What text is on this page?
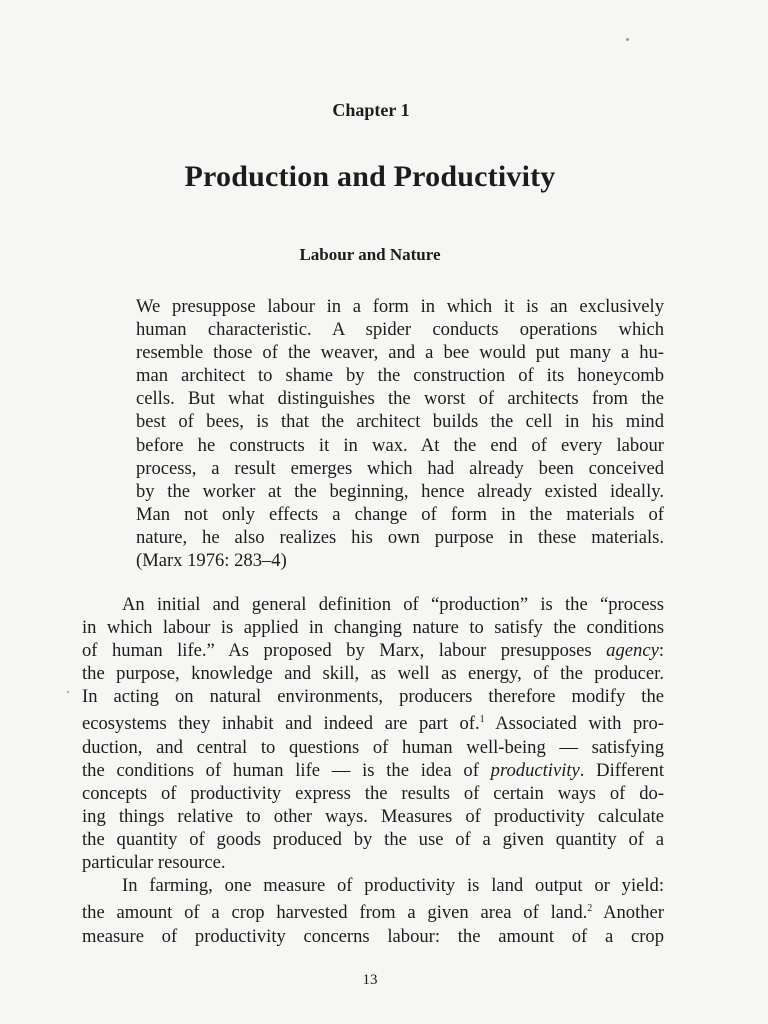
Chapter 1
Production and Productivity
Labour and Nature
We presuppose labour in a form in which it is an exclusively
human characteristic. A spider conducts operations which
resemble those of the weaver, and a bee would put many a hu-
man architect to shame by the construction of its honeycomb
cells. But what distinguishes the worst of architects from the
best of bees, is that the architect builds the cell in his mind
before he constructs it in wax. At the end of every labour
process, a result emerges which had already been conceived
by the worker at the beginning, hence already existed ideally.
Man not only effects a change of form in the materials of
nature, he also realizes his own purpose in these materials.
(Marx 1976: 283–4)
An initial and general definition of “production” is the “process
in which labour is applied in changing nature to satisfy the conditions
of human life.” As proposed by Marx, labour presupposes agency:
the purpose, knowledge and skill, as well as energy, of the producer.
In acting on natural environments, producers therefore modify the
ecosystems they inhabit and indeed are part of.$^1$ Associated with pro-
duction, and central to questions of human well-being — satisfying
the conditions of human life — is the idea of productivity. Different
concepts of productivity express the results of certain ways of do-
ing things relative to other ways. Measures of productivity calculate
the quantity of goods produced by the use of a given quantity of a
particular resource.
In farming, one measure of productivity is land output or yield:
the amount of a crop harvested from a given area of land.$^2$ Another
measure of productivity concerns labour: the amount of a crop
13
